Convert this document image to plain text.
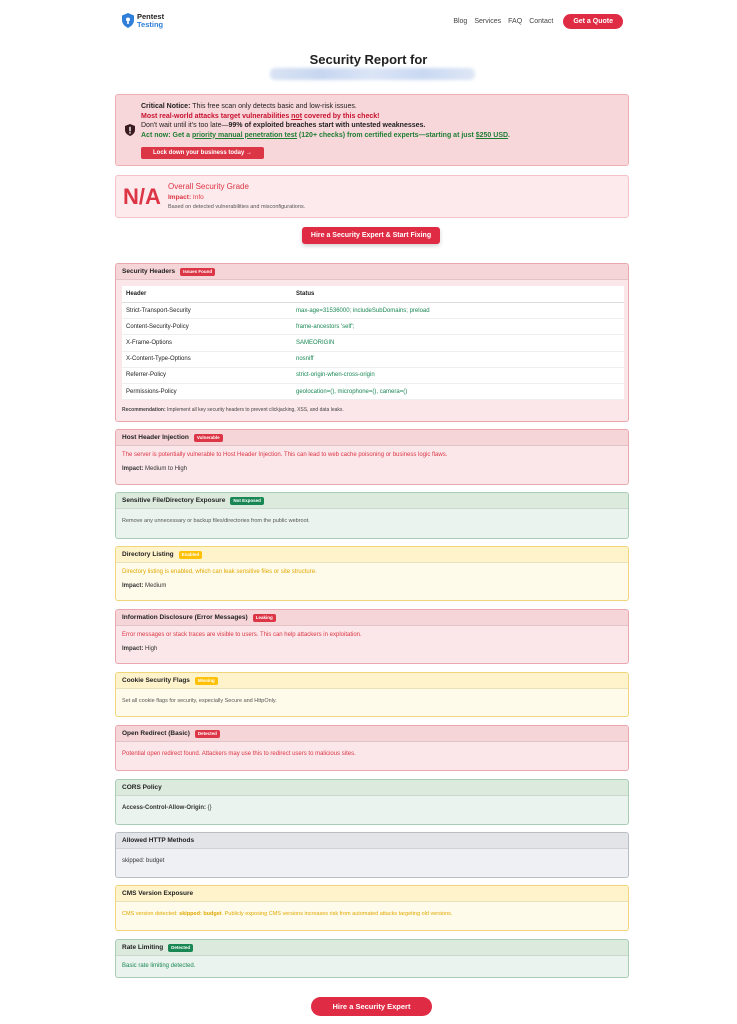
Pentest
Testing	Blog Services FAQ Contact	Get a Quote
Security Report for
Critical Notice: This free scan only detects basic and low-risk issues.
Most real-world attacks target vulnerabilities not covered by this check!
Don't wait until it's too late—99% of exploited breaches start with untested weaknesses.
Act now: Get a priority manual penetration test (120+ checks) from certified experts—starting at just $250 USD.
Lock down your business today →
N/A Overall Security Grade
Impact: Info
Based on detected vulnerabilities and misconfigurations.
Hire a Security Expert & Start Fixing
Security Headers	Issues Found
Header	Status
Strict-Transport-Security	max-age=31536000; includeSubDomains; preload
Content-Security-Policy	frame-ancestors 'self';
X-Frame-Options	SAMEORIGIN
X-Content-Type-Options	nosniff
Referrer-Policy	strict-origin-when-cross-origin
Permissions-Policy	geolocation=(), microphone=(), camera=()
Recommendation: Implement all key security headers to prevent clickjacking, XSS, and data leaks.
Host Header Injection	Vulnerable
The server is potentially vulnerable to Host Header Injection. This can lead to web cache poisoning or business logic flaws.
Impact: Medium to High
Sensitive File/Directory Exposure	Not Exposed
Remove any unnecessary or backup files/directories from the public webroot.
Directory Listing	Enabled
Directory listing is enabled, which can leak sensitive files or site structure.
Impact: Medium
Information Disclosure (Error Messages)	Leaking
Error messages or stack traces are visible to users. This can help attackers in exploitation.
Impact: High
Cookie Security Flags	Missing
Set all cookie flags for security, especially Secure and HttpOnly.
Open Redirect (Basic)	Detected
Potential open redirect found. Attackers may use this to redirect users to malicious sites.
CORS Policy
Access-Control-Allow-Origin: {}
Allowed HTTP Methods
skipped: budget
CMS Version Exposure
CMS version detected: skipped: budget. Publicly exposing CMS versions increases risk from automated attacks targeting old versions.
Rate Limiting	Detected
Basic rate limiting detected.
Hire a Security Expert
